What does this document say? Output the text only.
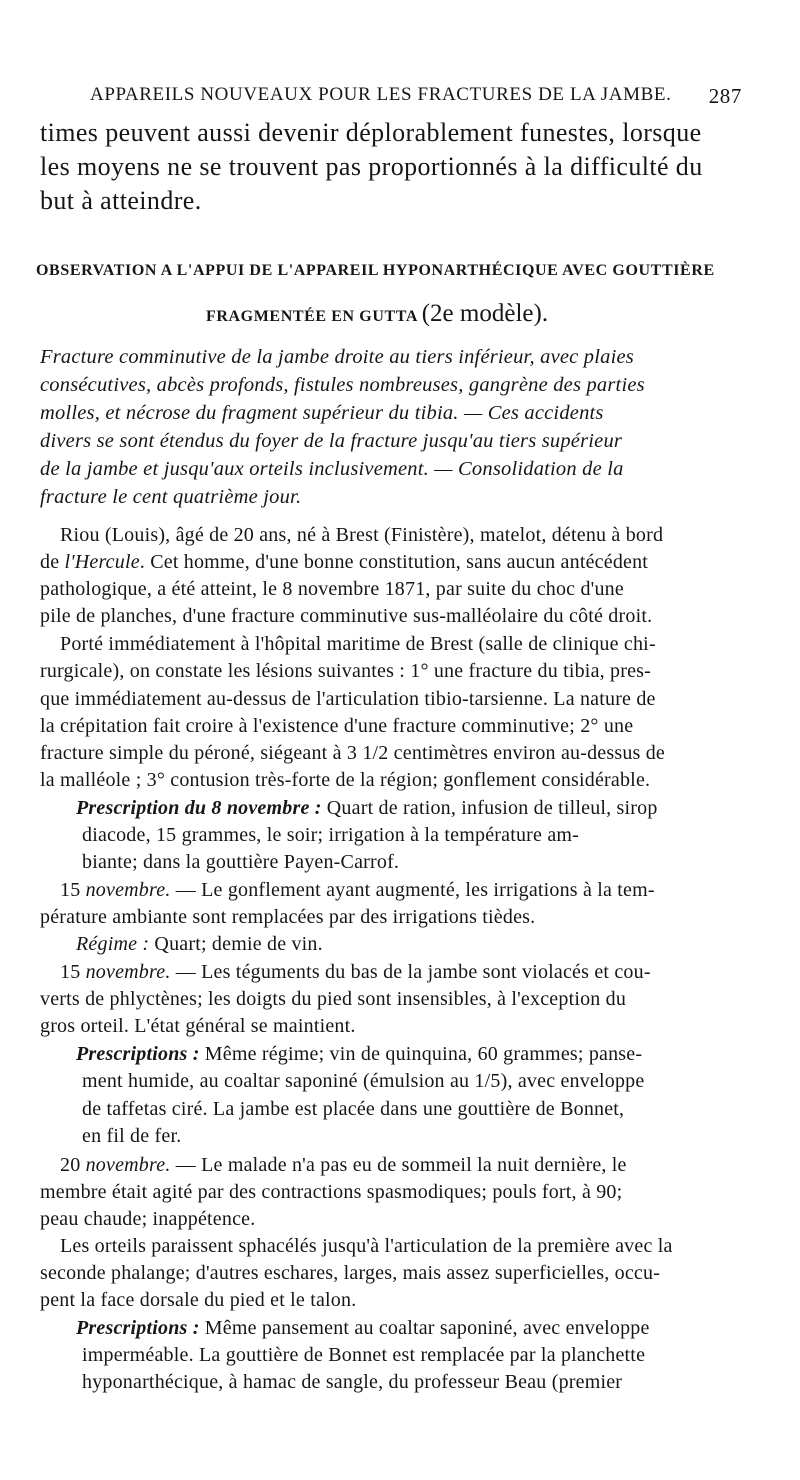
APPAREILS NOUVEAUX POUR LES FRACTURES DE LA JAMBE. 287
times peuvent aussi devenir déplorablement funestes, lorsque
les moyens ne se trouvent pas proportionnés à la difficulté du
but à atteindre.
OBSERVATION A L'APPUI DE L'APPAREIL HYPONARTHÉCIQUE AVEC GOUTTIÈRE
FRAGMENTÉE EN GUTTA (2e modèle).
Fracture comminutive de la jambe droite au tiers inférieur, avec plaies
consécutives, abcès profonds, fistules nombreuses, gangrène des parties
molles, et nécrose du fragment supérieur du tibia. — Ces accidents
divers se sont étendus du foyer de la fracture jusqu'au tiers supérieur
de la jambe et jusqu'aux orteils inclusivement. — Consolidation de la
fracture le cent quatrième jour.
Riou (Louis), âgé de 20 ans, né à Brest (Finistère), matelot, détenu à bord
de l'Hercule. Cet homme, d'une bonne constitution, sans aucun antécédent
pathologique, a été atteint, le 8 novembre 1871, par suite du choc d'une
pile de planches, d'une fracture comminutive sus-malléolaire du côté droit.
Porté immédiatement à l'hôpital maritime de Brest (salle de clinique chi-
rurgicale), on constate les lésions suivantes : 1° une fracture du tibia, pres-
que immédiatement au-dessus de l'articulation tibio-tarsienne. La nature de
la crépitation fait croire à l'existence d'une fracture comminutive; 2° une
fracture simple du péroné, siégeant à 3 1/2 centimètres environ au-dessus de
la malléole ; 3° contusion très-forte de la région; gonflement considérable.
Prescription du 8 novembre : Quart de ration, infusion de tilleul, sirop
diacode, 15 grammes, le soir; irrigation à la température am-
biante; dans la gouttière Payen-Carrof.
15 novembre. — Le gonflement ayant augmenté, les irrigations à la tem-
pérature ambiante sont remplacées par des irrigations tièdes.
Régime : Quart; demie de vin.
15 novembre. — Les téguments du bas de la jambe sont violacés et cou-
verts de phlyctènes; les doigts du pied sont insensibles, à l'exception du
gros orteil. L'état général se maintient.
Prescriptions : Même régime; vin de quinquina, 60 grammes; panse-
ment humide, au coaltar saponiné (émulsion au 1/5), avec enveloppe
de taffetas ciré. La jambe est placée dans une gouttière de Bonnet,
en fil de fer.
20 novembre. — Le malade n'a pas eu de sommeil la nuit dernière, le
membre était agité par des contractions spasmodiques; pouls fort, à 90;
peau chaude; inappétence.
Les orteils paraissent sphacélés jusqu'à l'articulation de la première avec la
seconde phalange; d'autres eschares, larges, mais assez superficielles, occu-
pent la face dorsale du pied et le talon.
Prescriptions : Même pansement au coaltar saponiné, avec enveloppe
imperméable. La gouttière de Bonnet est remplacée par la planchette
hyponarthécique, à hamac de sangle, du professeur Beau (premier
